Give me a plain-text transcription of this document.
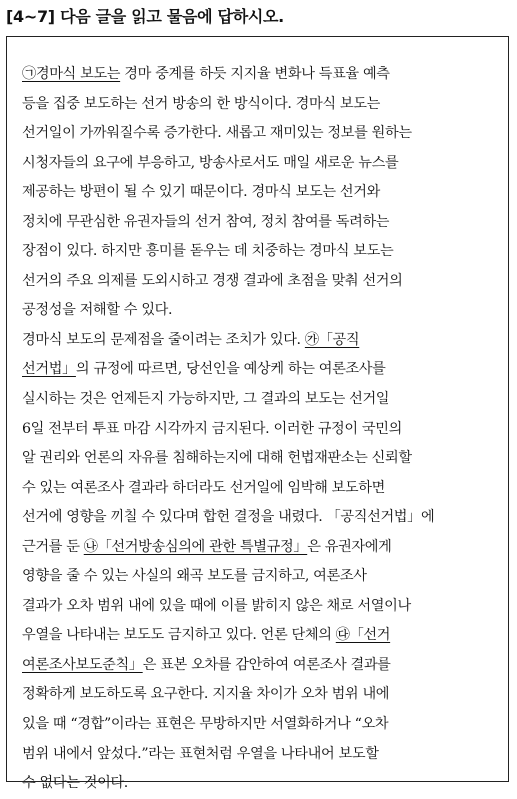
[4~7] 다음 글을 읽고 물음에 답하시오.
㉠경마식 보도는 경마 중계를 하듯 지지율 변화나 득표율 예측
등을 집중 보도하는 선거 방송의 한 방식이다. 경마식 보도는
선거일이 가까워질수록 증가한다. 새롭고 재미있는 정보를 원하는
시청자들의 요구에 부응하고, 방송사로서도 매일 새로운 뉴스를
제공하는 방편이 될 수 있기 때문이다. 경마식 보도는 선거와
정치에 무관심한 유권자들의 선거 참여, 정치 참여를 독려하는
장점이 있다. 하지만 흥미를 돋우는 데 치중하는 경마식 보도는
선거의 주요 의제를 도외시하고 경쟁 결과에 초점을 맞춰 선거의
공정성을 저해할 수 있다.
경마식 보도의 문제점을 줄이려는 조치가 있다. ㉮「공직
선거법」의 규정에 따르면, 당선인을 예상케 하는 여론조사를
실시하는 것은 언제든지 가능하지만, 그 결과의 보도는 선거일
6일 전부터 투표 마감 시각까지 금지된다. 이러한 규정이 국민의
알 권리와 언론의 자유를 침해하는지에 대해 헌법재판소는 신뢰할
수 있는 여론조사 결과라 하더라도 선거일에 임박해 보도하면
선거에 영향을 끼칠 수 있다며 합헌 결정을 내렸다. 「공직선거법」에
근거를 둔 ㉯「선거방송심의에 관한 특별규정」은 유권자에게
영향을 줄 수 있는 사실의 왜곡 보도를 금지하고, 여론조사
결과가 오차 범위 내에 있을 때에 이를 밝히지 않은 채로 서열이나
우열을 나타내는 보도도 금지하고 있다. 언론 단체의 ㉰「선거
여론조사보도준칙」은 표본 오차를 감안하여 여론조사 결과를
정확하게 보도하도록 요구한다. 지지율 차이가 오차 범위 내에
있을 때 “경합”이라는 표현은 무방하지만 서열화하거나 “오차
범위 내에서 앞섰다.”라는 표현처럼 우열을 나타내어 보도할
수 없다는 것이다.
